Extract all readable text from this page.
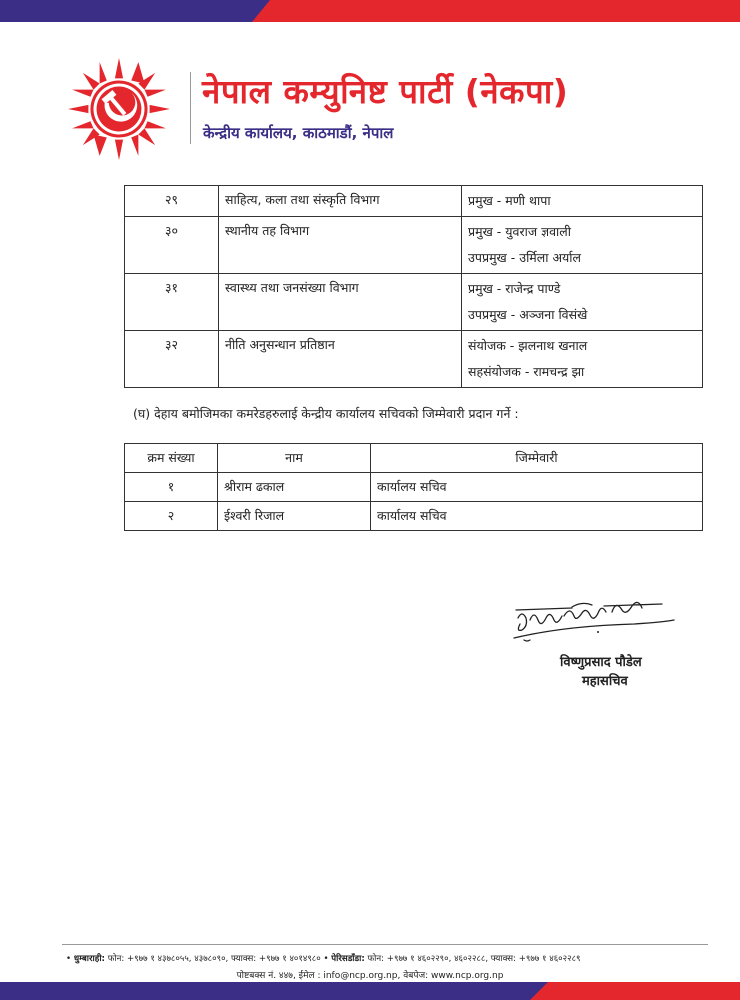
नेपाल कम्युनिष्ट पार्टी (नेकपा)
केन्द्रीय कार्यालय, काठमाडौं, नेपाल
२९	साहित्य, कला तथा संस्कृति विभाग	प्रमुख - मणी थापा

३०	स्थानीय तह विभाग	प्रमुख - युवराज ज्ञवाली
उपप्रमुख - उर्मिला अर्याल

३१	स्वास्थ्य तथा जनसंख्या विभाग	प्रमुख - राजेन्द्र पाण्डे
उपप्रमुख - अञ्जना विसंखे

३२	नीति अनुसन्धान प्रतिष्ठान	संयोजक - झलनाथ खनाल
सहसंयोजक - रामचन्द्र झा
(घ) देहाय बमोजिमका कमरेडहरुलाई केन्द्रीय कार्यालय सचिवको जिम्मेवारी प्रदान गर्ने :
क्रम संख्या	नाम	जिम्मेवारी
१	श्रीराम ढकाल	कार्यालय सचिव
२	ईश्वरी रिजाल	कार्यालय सचिव
विष्णुप्रसाद पौडेल
महासचिव
• धुम्बाराही: फोन: +९७७ १ ४३७८०५५, ४३७८०९०, फ्याक्स: +९७७ १ ४०१४९८० • पेरिसडाँडा: फोन: +९७७ १ ४६०२२९०, ४६०२२८८, फ्याक्स: +९७७ १ ४६०२२८९
पोष्टबक्स नं. ४४७, ईमेल : info@ncp.org.np, वेबपेज: www.ncp.org.np
